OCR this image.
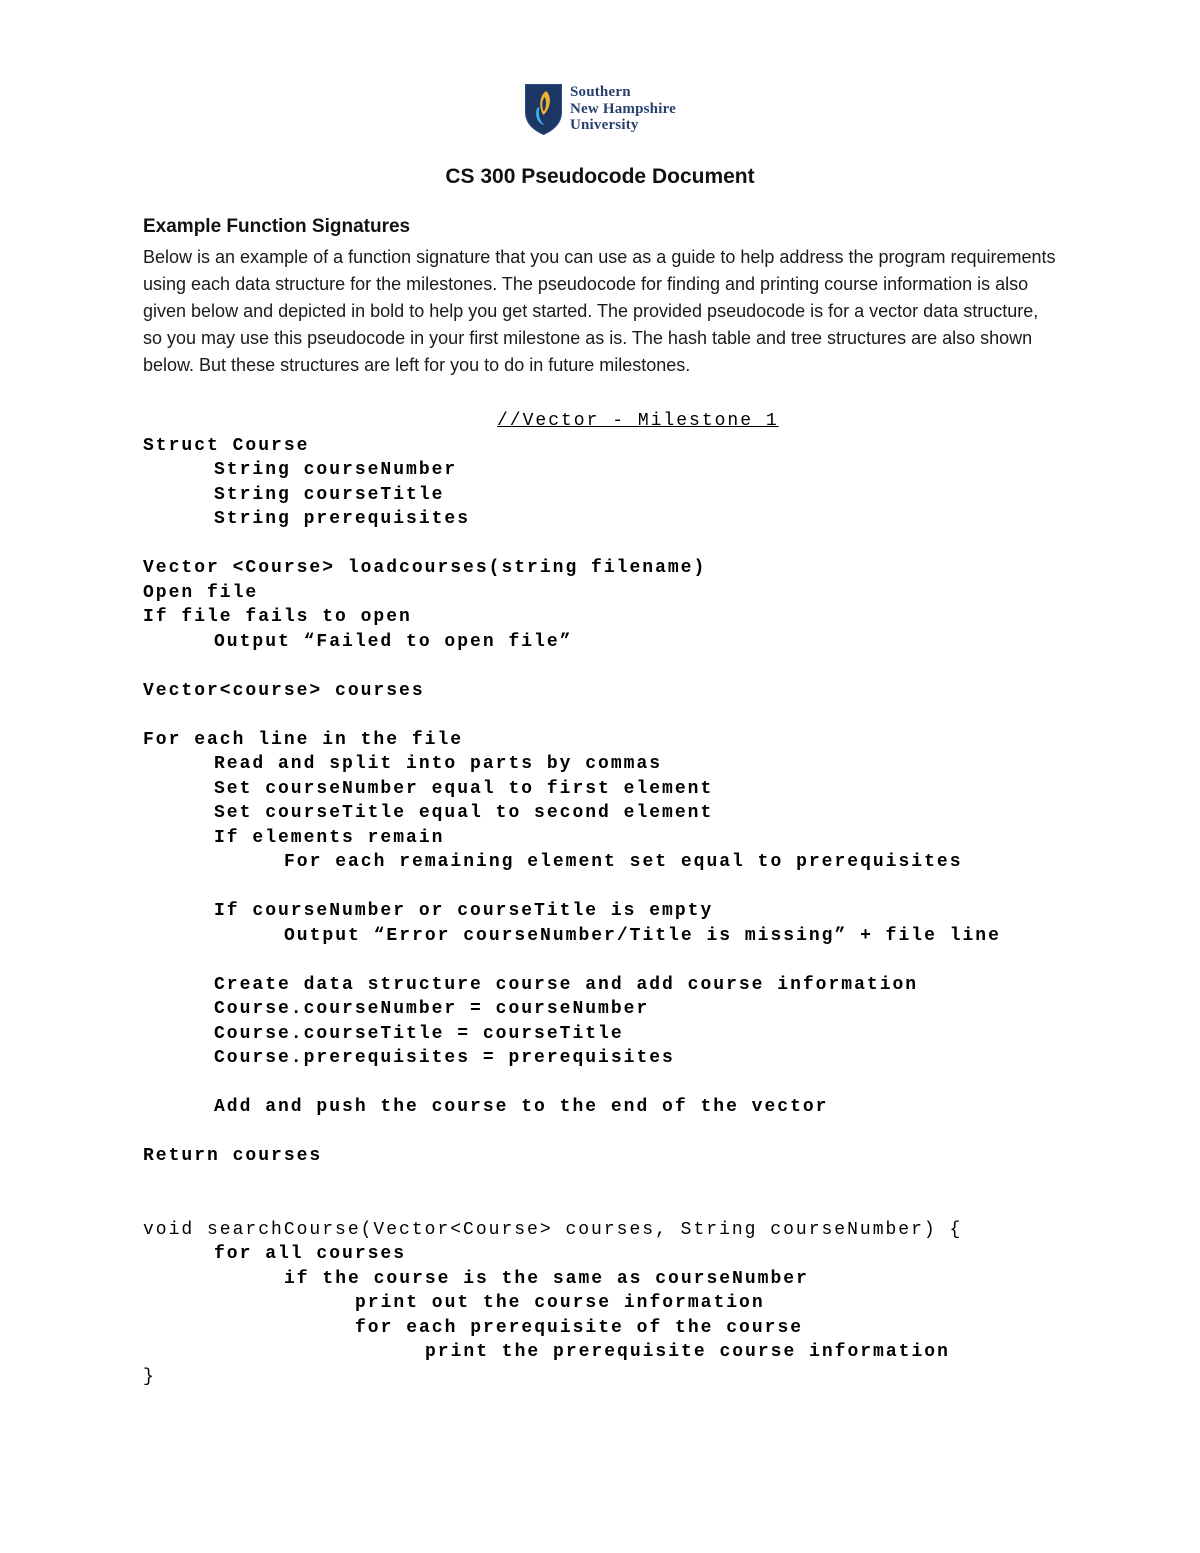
Southern
New Hampshire
University
CS 300 Pseudocode Document
Example Function Signatures
Below is an example of a function signature that you can use as a guide to help address the program requirements using each data structure for the milestones. The pseudocode for finding and printing course information is also given below and depicted in bold to help you get started. The provided pseudocode is for a vector data structure, so you may use this pseudocode in your first milestone as is. The hash table and tree structures are also shown below. But these structures are left for you to do in future milestones.
//Vector - Milestone 1
Struct Course
String courseNumber
String courseTitle
String prerequisites

Vector <Course> loadcourses(string filename)
Open file
If file fails to open
Output “Failed to open file”

Vector<course> courses

For each line in the file
Read and split into parts by commas
Set courseNumber equal to first element
Set courseTitle equal to second element
If elements remain
For each remaining element set equal to prerequisites

If courseNumber or courseTitle is empty
Output “Error courseNumber/Title is missing” + file line

Create data structure course and add course information
Course.courseNumber = courseNumber
Course.courseTitle = courseTitle
Course.prerequisites = prerequisites

Add and push the course to the end of the vector

Return courses

void searchCourse(Vector<Course> courses, String courseNumber) {
for all courses
if the course is the same as courseNumber
print out the course information
for each prerequisite of the course
print the prerequisite course information
}
